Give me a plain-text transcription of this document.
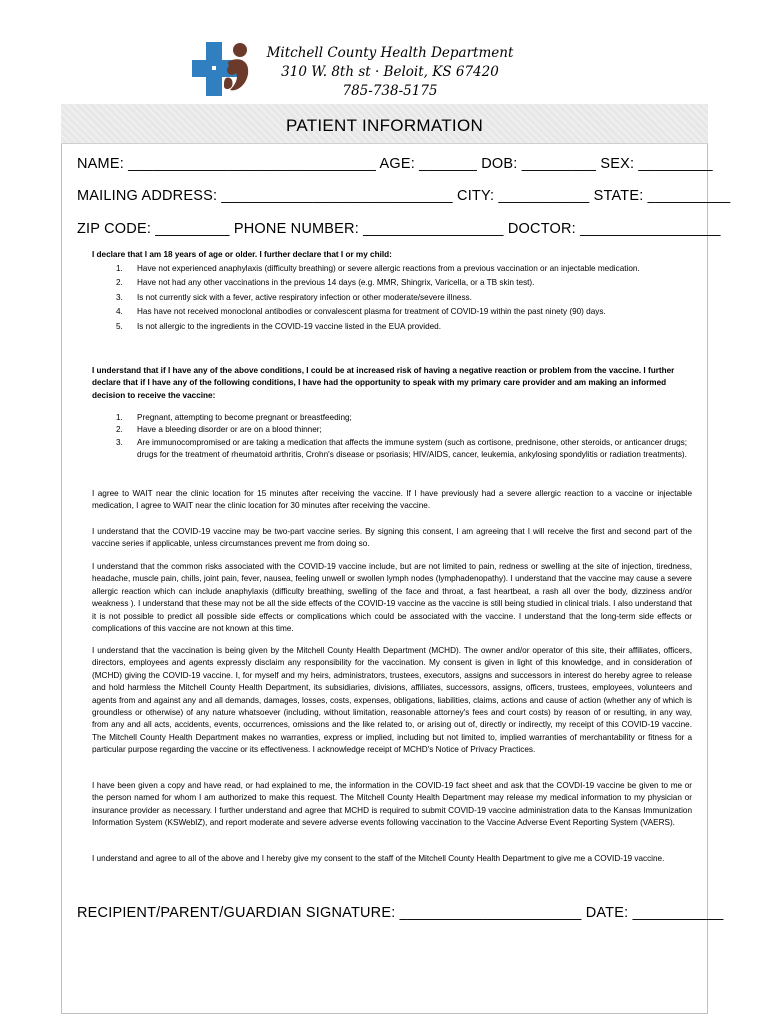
Mitchell County Health Department
310 W. 8th st · Beloit, KS 67420
785-738-5175
PATIENT INFORMATION
NAME: ______________________________ AGE: _______ DOB: _________ SEX: _________
MAILING ADDRESS: ____________________________ CITY: ___________ STATE: __________
ZIP CODE: _________ PHONE NUMBER: _________________ DOCTOR: _________________
I declare that I am 18 years of age or older. I further declare that I or my child:
1. Have not experienced anaphylaxis (difficulty breathing) or severe allergic reactions from a previous vaccination or an injectable medication.
2. Have not had any other vaccinations in the previous 14 days (e.g. MMR, Shingrix, Varicella, or a TB skin test).
3. Is not currently sick with a fever, active respiratory infection or other moderate/severe illness.
4. Has have not received monoclonal antibodies or convalescent plasma for treatment of COVID-19 within the past ninety (90) days.
5. Is not allergic to the ingredients in the COVID-19 vaccine listed in the EUA provided.
I understand that if I have any of the above conditions, I could be at increased risk of having a negative reaction or problem from the vaccine. I further declare that if I have any of the following conditions, I have had the opportunity to speak with my primary care provider and am making an informed decision to receive the vaccine:
1. Pregnant, attempting to become pregnant or breastfeeding;
2. Have a bleeding disorder or are on a blood thinner;
3. Are immunocompromised or are taking a medication that affects the immune system (such as cortisone, prednisone, other steroids, or anticancer drugs; drugs for the treatment of rheumatoid arthritis, Crohn's disease or psoriasis; HIV/AIDS, cancer, leukemia, ankylosing spondylitis or radiation treatments).
I agree to WAIT near the clinic location for 15 minutes after receiving the vaccine. If I have previously had a severe allergic reaction to a vaccine or injectable medication, I agree to WAIT near the clinic location for 30 minutes after receiving the vaccine.
I understand that the COVID-19 vaccine may be two-part vaccine series. By signing this consent, I am agreeing that I will receive the first and second part of the vaccine series if applicable, unless circumstances prevent me from doing so.
I understand that the common risks associated with the COVID-19 vaccine include, but are not limited to pain, redness or swelling at the site of injection, tiredness, headache, muscle pain, chills, joint pain, fever, nausea, feeling unwell or swollen lymph nodes (lymphadenopathy). I understand that the vaccine may cause a severe allergic reaction which can include anaphylaxis (difficulty breathing, swelling of the face and throat, a fast heartbeat, a rash all over the body, dizziness and/or weakness ). I understand that these may not be all the side effects of the COVID-19 vaccine as the vaccine is still being studied in clinical trials. I also understand that it is not possible to predict all possible side effects or complications which could be associated with the vaccine. I understand that the long-term side effects or complications of this vaccine are not known at this time.
I understand that the vaccination is being given by the Mitchell County Health Department (MCHD). The owner and/or operator of this site, their affiliates, officers, directors, employees and agents expressly disclaim any responsibility for the vaccination. My consent is given in light of this knowledge, and in consideration of (MCHD) giving the COVID-19 vaccine. I, for myself and my heirs, administrators, trustees, executors, assigns and successors in interest do hereby agree to release and hold harmless the Mitchell County Health Department, its subsidiaries, divisions, affiliates, successors, assigns, officers, trustees, employees, volunteers and agents from and against any and all demands, damages, losses, costs, expenses, obligations, liabilities, claims, actions and cause of action (whether any of which is groundless or otherwise) of any nature whatsoever (including, without limitation, reasonable attorney's fees and court costs) by reason of or resulting, in any way, from any and all acts, accidents, events, occurrences, omissions and the like related to, or arising out of, directly or indirectly, my receipt of this COVID-19 vaccine. The Mitchell County Health Department makes no warranties, express or implied, including but not limited to, implied warranties of merchantability or fitness for a particular purpose regarding the vaccine or its effectiveness. I acknowledge receipt of MCHD's Notice of Privacy Practices.
I have been given a copy and have read, or had explained to me, the information in the COVID-19 fact sheet and ask that the COVDI-19 vaccine be given to me or the person named for whom I am authorized to make this request. The Mitchell County Health Department may release my medical information to my physician or insurance provider as necessary. I further understand and agree that MCHD is required to submit COVID-19 vaccine administration data to the Kansas Immunization Information System (KSWebIZ), and report moderate and severe adverse events following vaccination to the Vaccine Adverse Event Reporting System (VAERS).
I understand and agree to all of the above and I hereby give my consent to the staff of the Mitchell County Health Department to give me a COVID-19 vaccine.
RECIPIENT/PARENT/GUARDIAN SIGNATURE: ______________________ DATE: ___________
